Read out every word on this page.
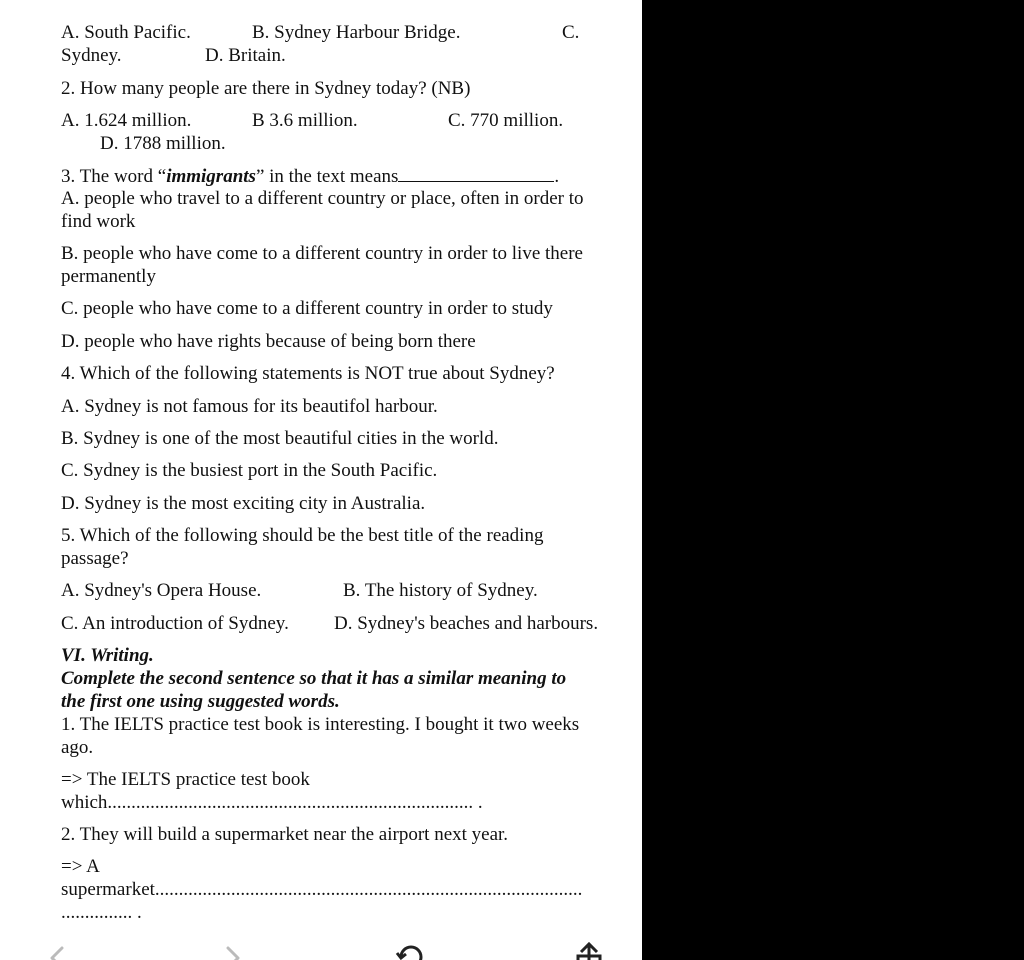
A. South Pacific.	B. Sydney Harbour Bridge.	C.
Sydney.	D. Britain.
2. How many people are there in Sydney today? (NB)
A. 1.624 million.	B 3.6 million.	C. 770 million.
D. 1788 million.
3. The word “immigrants” in the text means	.
A. people who travel to a different country or place, often in order to
find work
B. people who have come to a different country in order to live there
permanently
C. people who have come to a different country in order to study
D. people who have rights because of being born there
4. Which of the following statements is NOT true about Sydney?
A. Sydney is not famous for its beautifol harbour.
B. Sydney is one of the most beautiful cities in the world.
C. Sydney is the busiest port in the South Pacific.
D. Sydney is the most exciting city in Australia.
5. Which of the following should be the best title of the reading
passage?
A. Sydney's Opera House.	B. The history of Sydney.
C. An introduction of Sydney. D. Sydney's beaches and harbours.
VI. Writing.
Complete the second sentence so that it has a similar meaning to
the first one using suggested words.
1. The IELTS practice test book is interesting. I bought it two weeks
ago.
=> The IELTS practice test book
which............................................................................. .
2. They will build a supermarket near the airport next year.
=> A
supermarket..........................................................................................
............... .
